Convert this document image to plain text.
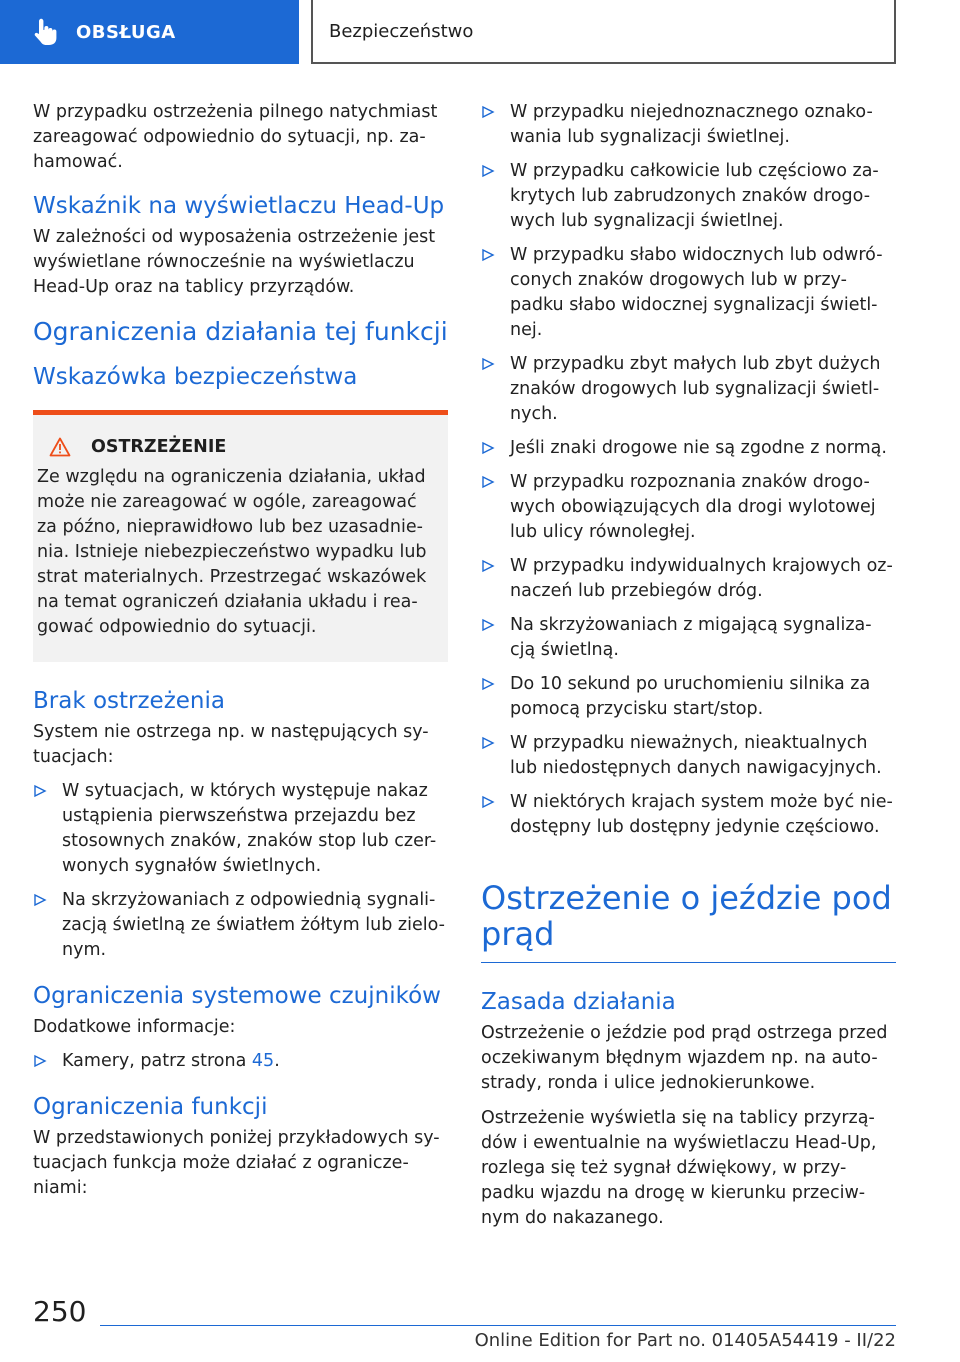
OBSŁUGA	Bezpieczeństwo

W przypadku ostrzeżenia pilnego natychmiast zareagować odpowiednio do sytuacji, np. za-hamować.

Wskaźnik na wyświetlaczu Head-Up

W zależności od wyposażenia ostrzeżenie jest wyświetlane równocześnie na wyświetlaczu Head-Up oraz na tablicy przyrządów.

Ograniczenia działania tej funkcji
Wskazówka bezpieczeństwa
OSTRZEŻENIE

Ze względu na ograniczenia działania, układ może nie zareagować w ogóle, zareagować za późno, nieprawidłowo lub bez uzasadnie-nia. Istnieje niebezpieczeństwo wypadku lub strat materialnych. Przestrzegać wskazówek na temat ograniczeń działania układu i rea-gować odpowiednio do sytuacji.

Brak ostrzeżenia

System nie ostrzega np. w następujących sy-tuacjach:

W sytuacjach, w których występuje nakaz ustąpienia pierwszeństwa przejazdu bez stosownych znaków, znaków stop lub czer-wonych sygnałów świetlnych.
Na skrzyżowaniach z odpowiednią sygnali-zacją świetlną ze światłem żółtym lub zielo-nym.
Ograniczenia systemowe czujników

Dodatkowe informacje:

Kamery, patrz strona 45.
Ograniczenia funkcji

W przedstawionych poniżej przykładowych sy-tuacjach funkcja może działać z ograni​cze-niami:

W przypadku niejednoznacznego oznako-wania lub sygnalizacji świetlnej.
W przypadku całkowicie lub częściowo za-krytych lub zabrudzonych znaków drogo-wych lub sygnalizacji świetlnej.
W przypadku słabo widocznych lub odwró-conych znaków drogowych lub w przy-padku słabo widocznej sygnalizacji świetl-nej.
W przypadku zbyt małych lub zbyt dużych znaków drogowych lub sygnalizacji świetl-nych.
Jeśli znaki drogowe nie są zgodne z normą.
W przypadku rozpoznania znaków drogo-wych obowiązujących dla drogi wylotowej lub ulicy równoległej.
W przypadku indywidualnych krajowych oz-naczeń lub przebiegów dróg.
Na skrzyżowaniach z migającą sygnaliza-cją świetlną.
Do 10 sekund po uruchomieniu silnika za pomocą przycisku start/stop.
W przypadku nieważnych, nieaktualnych lub niedostępnych danych nawigacyjnych.
W niektórych krajach system może być nie-dostępny lub dostępny jedynie częściowo.
Ostrzeżenie o jeździe pod prąd
Zasada działania

Ostrzeżenie o jeździe pod prąd ostrzega przed oczekiwanym błędnym wjazdem np. na auto-strady, ronda i ulice jednokierunkowe.

Ostrzeżenie wyświetla się na tablicy przyrzą-dów i ewentualnie na wyświetlaczu Head-Up, rozlega się też sygnał dźwiękowy, w przy-padku wjazdu na drogę w kierunku przeciw-nym do nakazanego.

250
Online Edition for Part no. 01405A54419 - II/22
